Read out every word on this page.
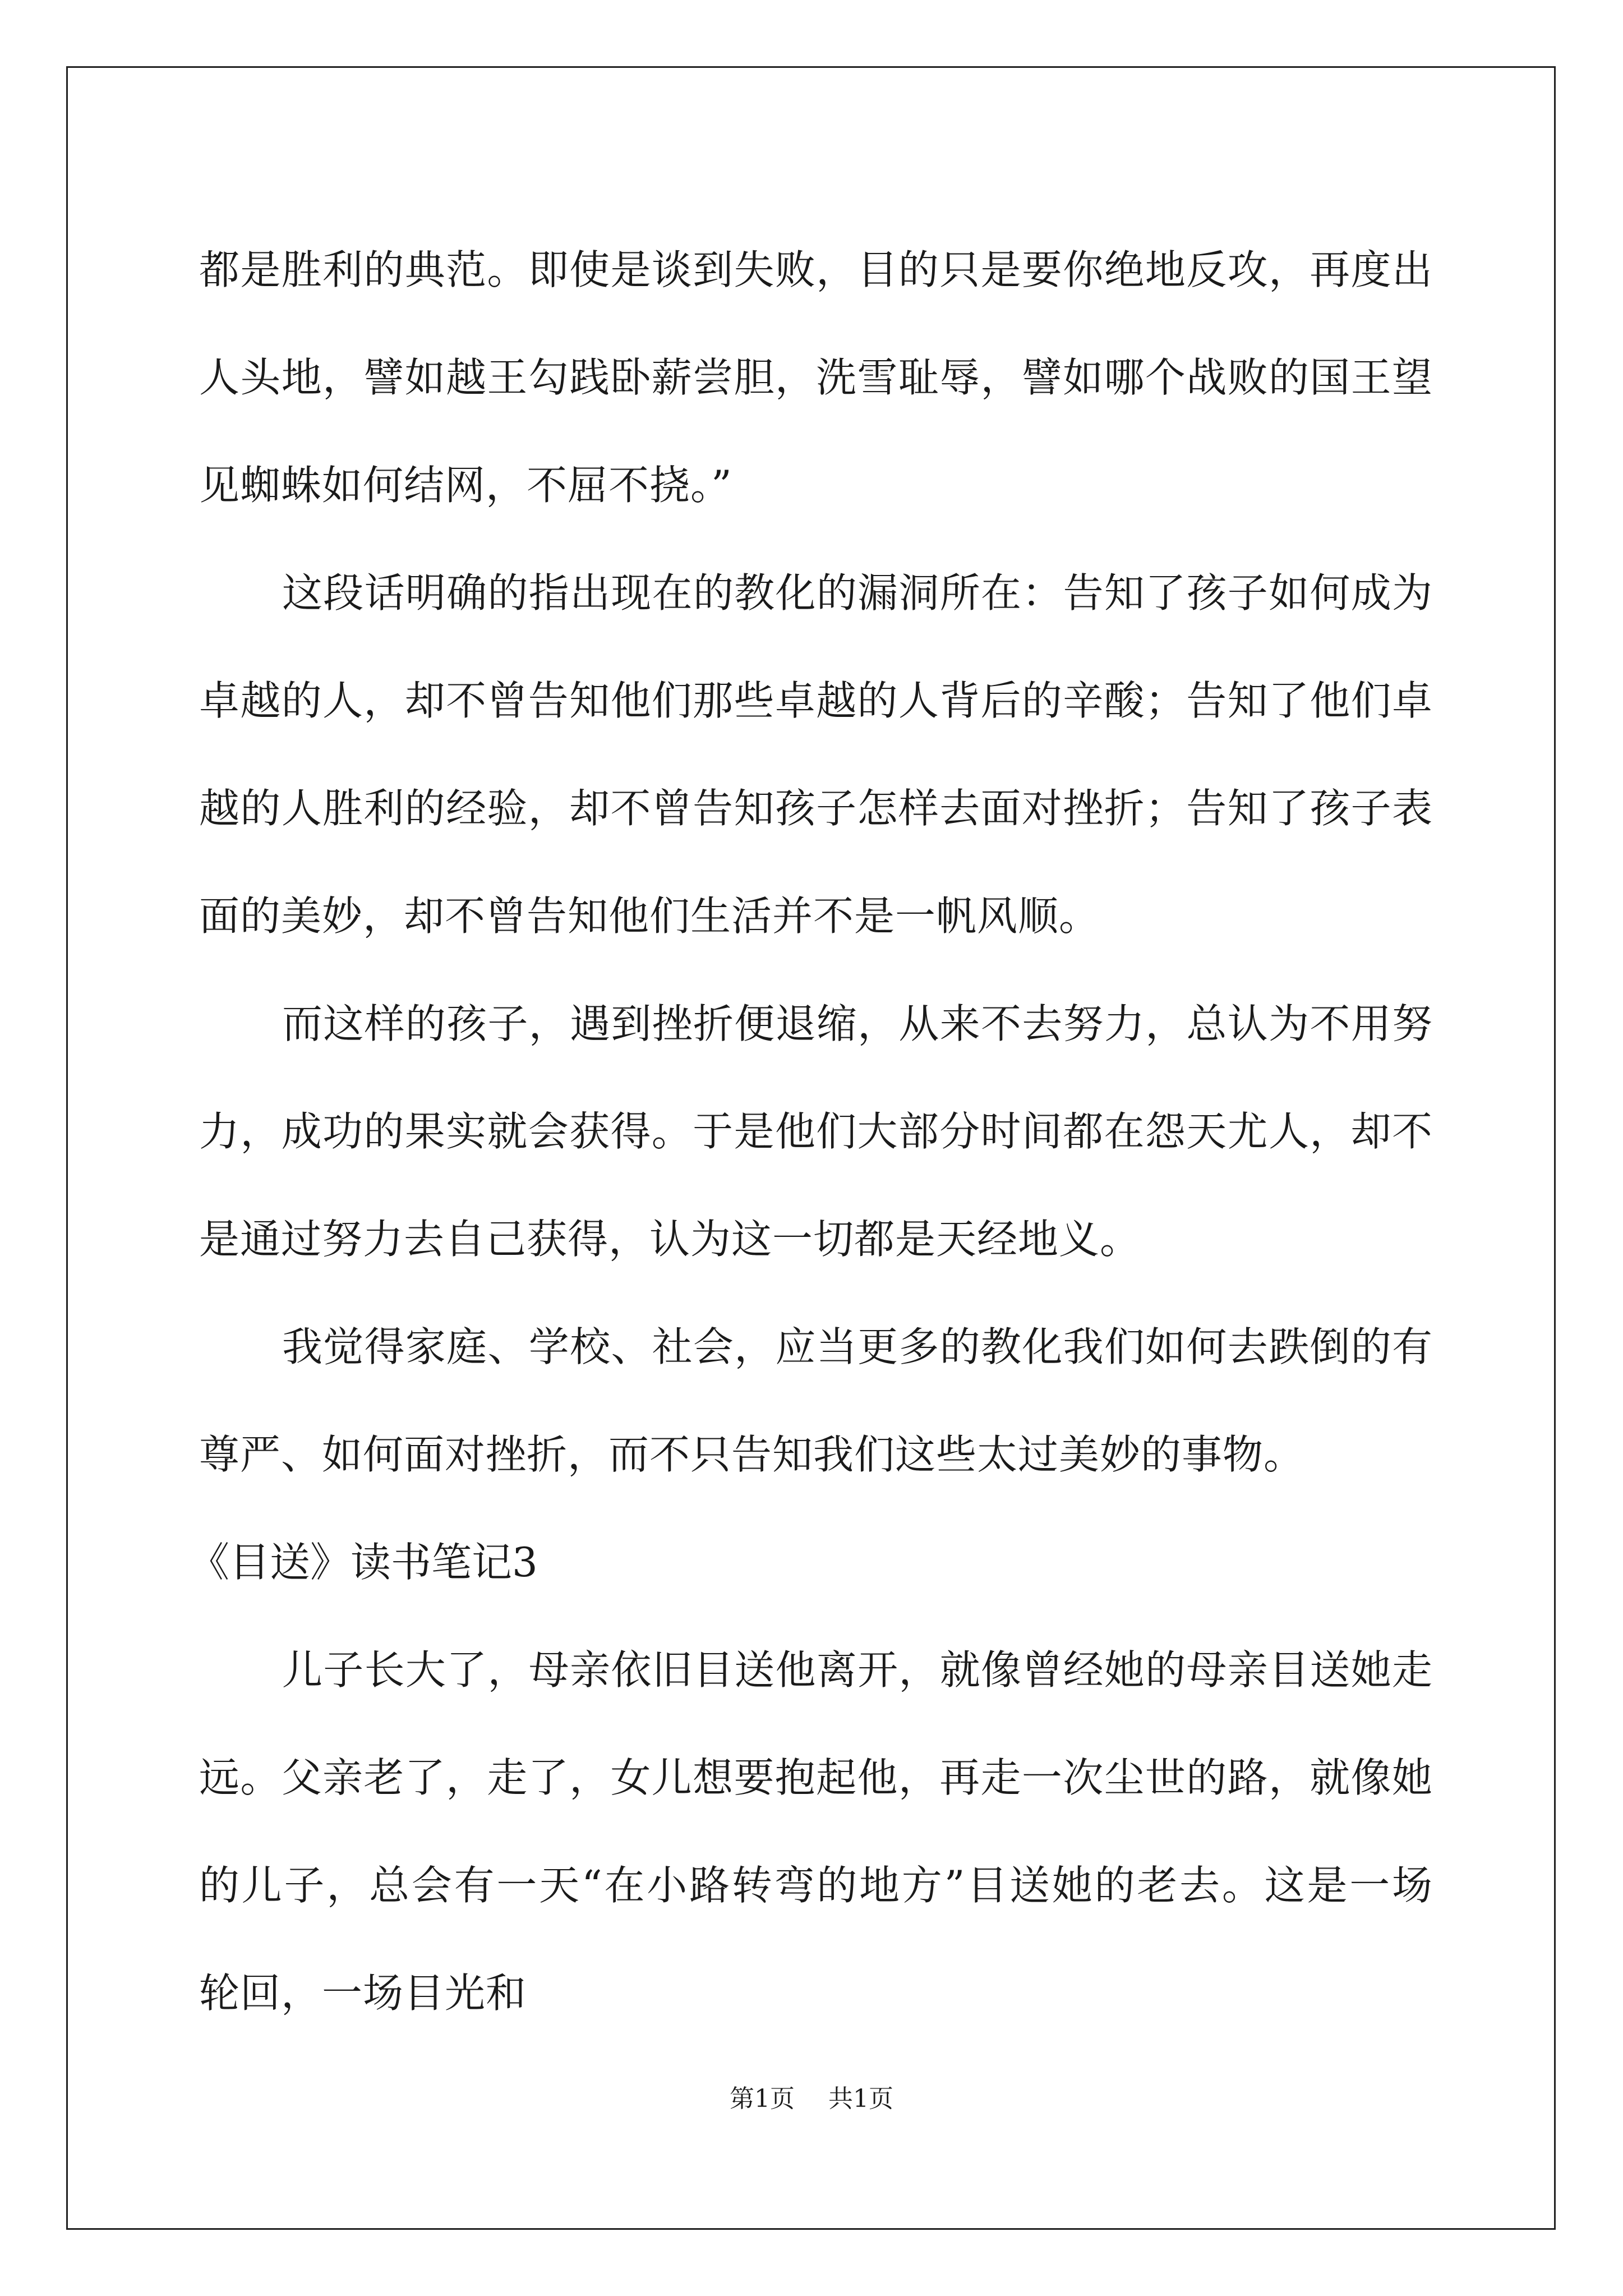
都是胜利的典范。即使是谈到失败，目的只是要你绝地反攻，再度出
人头地，譬如越王勾践卧薪尝胆，洗雪耻辱，譬如哪个战败的国王望
见蜘蛛如何结网，不屈不挠。”
这段话明确的指出现在的教化的漏洞所在：告知了孩子如何成为
卓越的人，却不曾告知他们那些卓越的人背后的辛酸；告知了他们卓
越的人胜利的经验，却不曾告知孩子怎样去面对挫折；告知了孩子表
面的美妙，却不曾告知他们生活并不是一帆风顺。
而这样的孩子，遇到挫折便退缩，从来不去努力，总认为不用努
力，成功的果实就会获得。于是他们大部分时间都在怨天尤人，却不
是通过努力去自己获得，认为这一切都是天经地义。
我觉得家庭、学校、社会，应当更多的教化我们如何去跌倒的有
尊严、如何面对挫折，而不只告知我们这些太过美妙的事物。
《目送》读书笔记3
儿子长大了，母亲依旧目送他离开，就像曾经她的母亲目送她走
远。父亲老了，走了，女儿想要抱起他，再走一次尘世的路，就像她
的儿子，总会有一天“在小路转弯的地方”目送她的老去。这是一场
轮回，一场目光和
第1页 共1页
